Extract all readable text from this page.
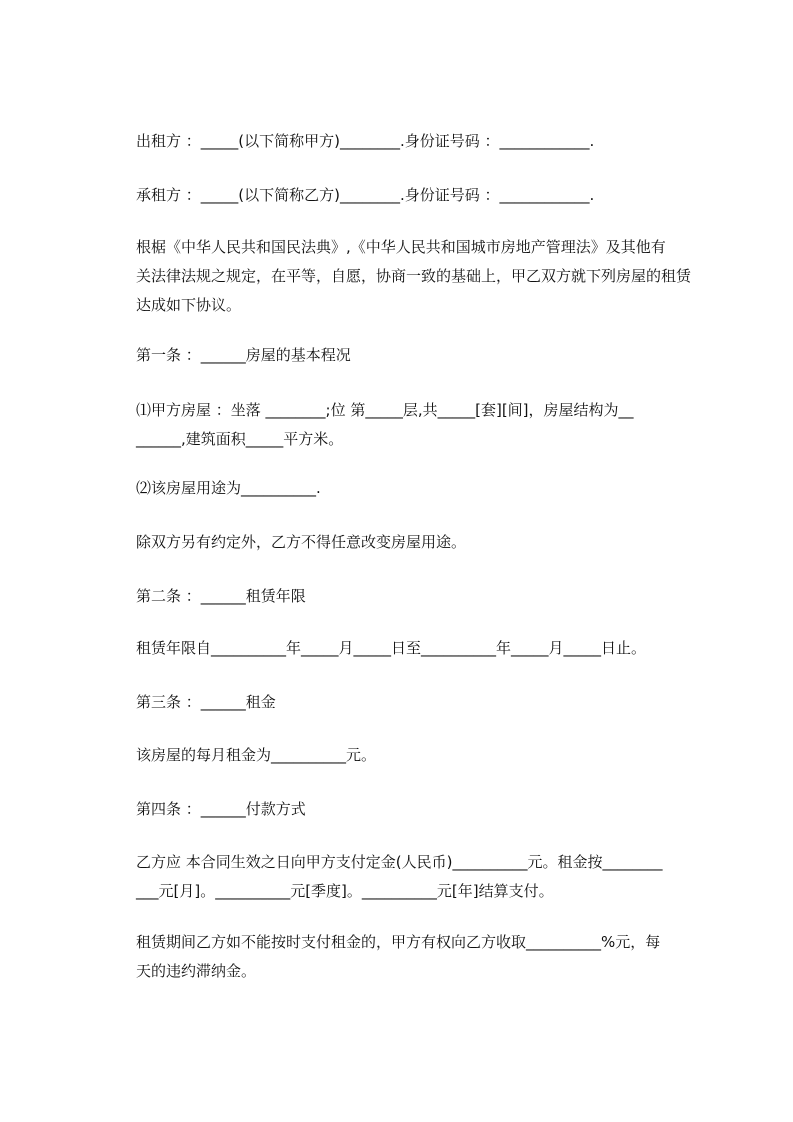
出租方 ：_____(以下简称甲方)________.身份证号码 ：____________.

承租方 ：_____(以下简称乙方)________.身份证号码 ：____________.

根椐《中华人民共和国民法典》,《中华人民共和国城市房地产管理法》及其他有
关法律法规之规定，在平等，自愿，协商一致的基础上，甲乙双方就下列房屋的租赁
达成如下协议。

第一条 ：______房屋的基本程况

⑴甲方房屋 ：坐落 ________;位 第_____层,共_____[套][间]，房屋结构为__
______,建筑面积_____平方米。

⑵该房屋用途为__________.

除双方另有约定外，乙方不得任意改变房屋用途。

第二条 ：______租赁年限

租赁年限自__________年_____月_____日至__________年_____月_____日止。

第三条 ：______租金

该房屋的每月租金为__________元。

第四条 ：______付款方式

乙方应 本合同生效之日向甲方支付定金(人民币)__________元。租金按________
___元[月]。__________元[季度]。__________元[年]结算支付。
租赁期间乙方如不能按时支付租金的，甲方有权向乙方收取__________%元，每
天的违约滞纳金。
